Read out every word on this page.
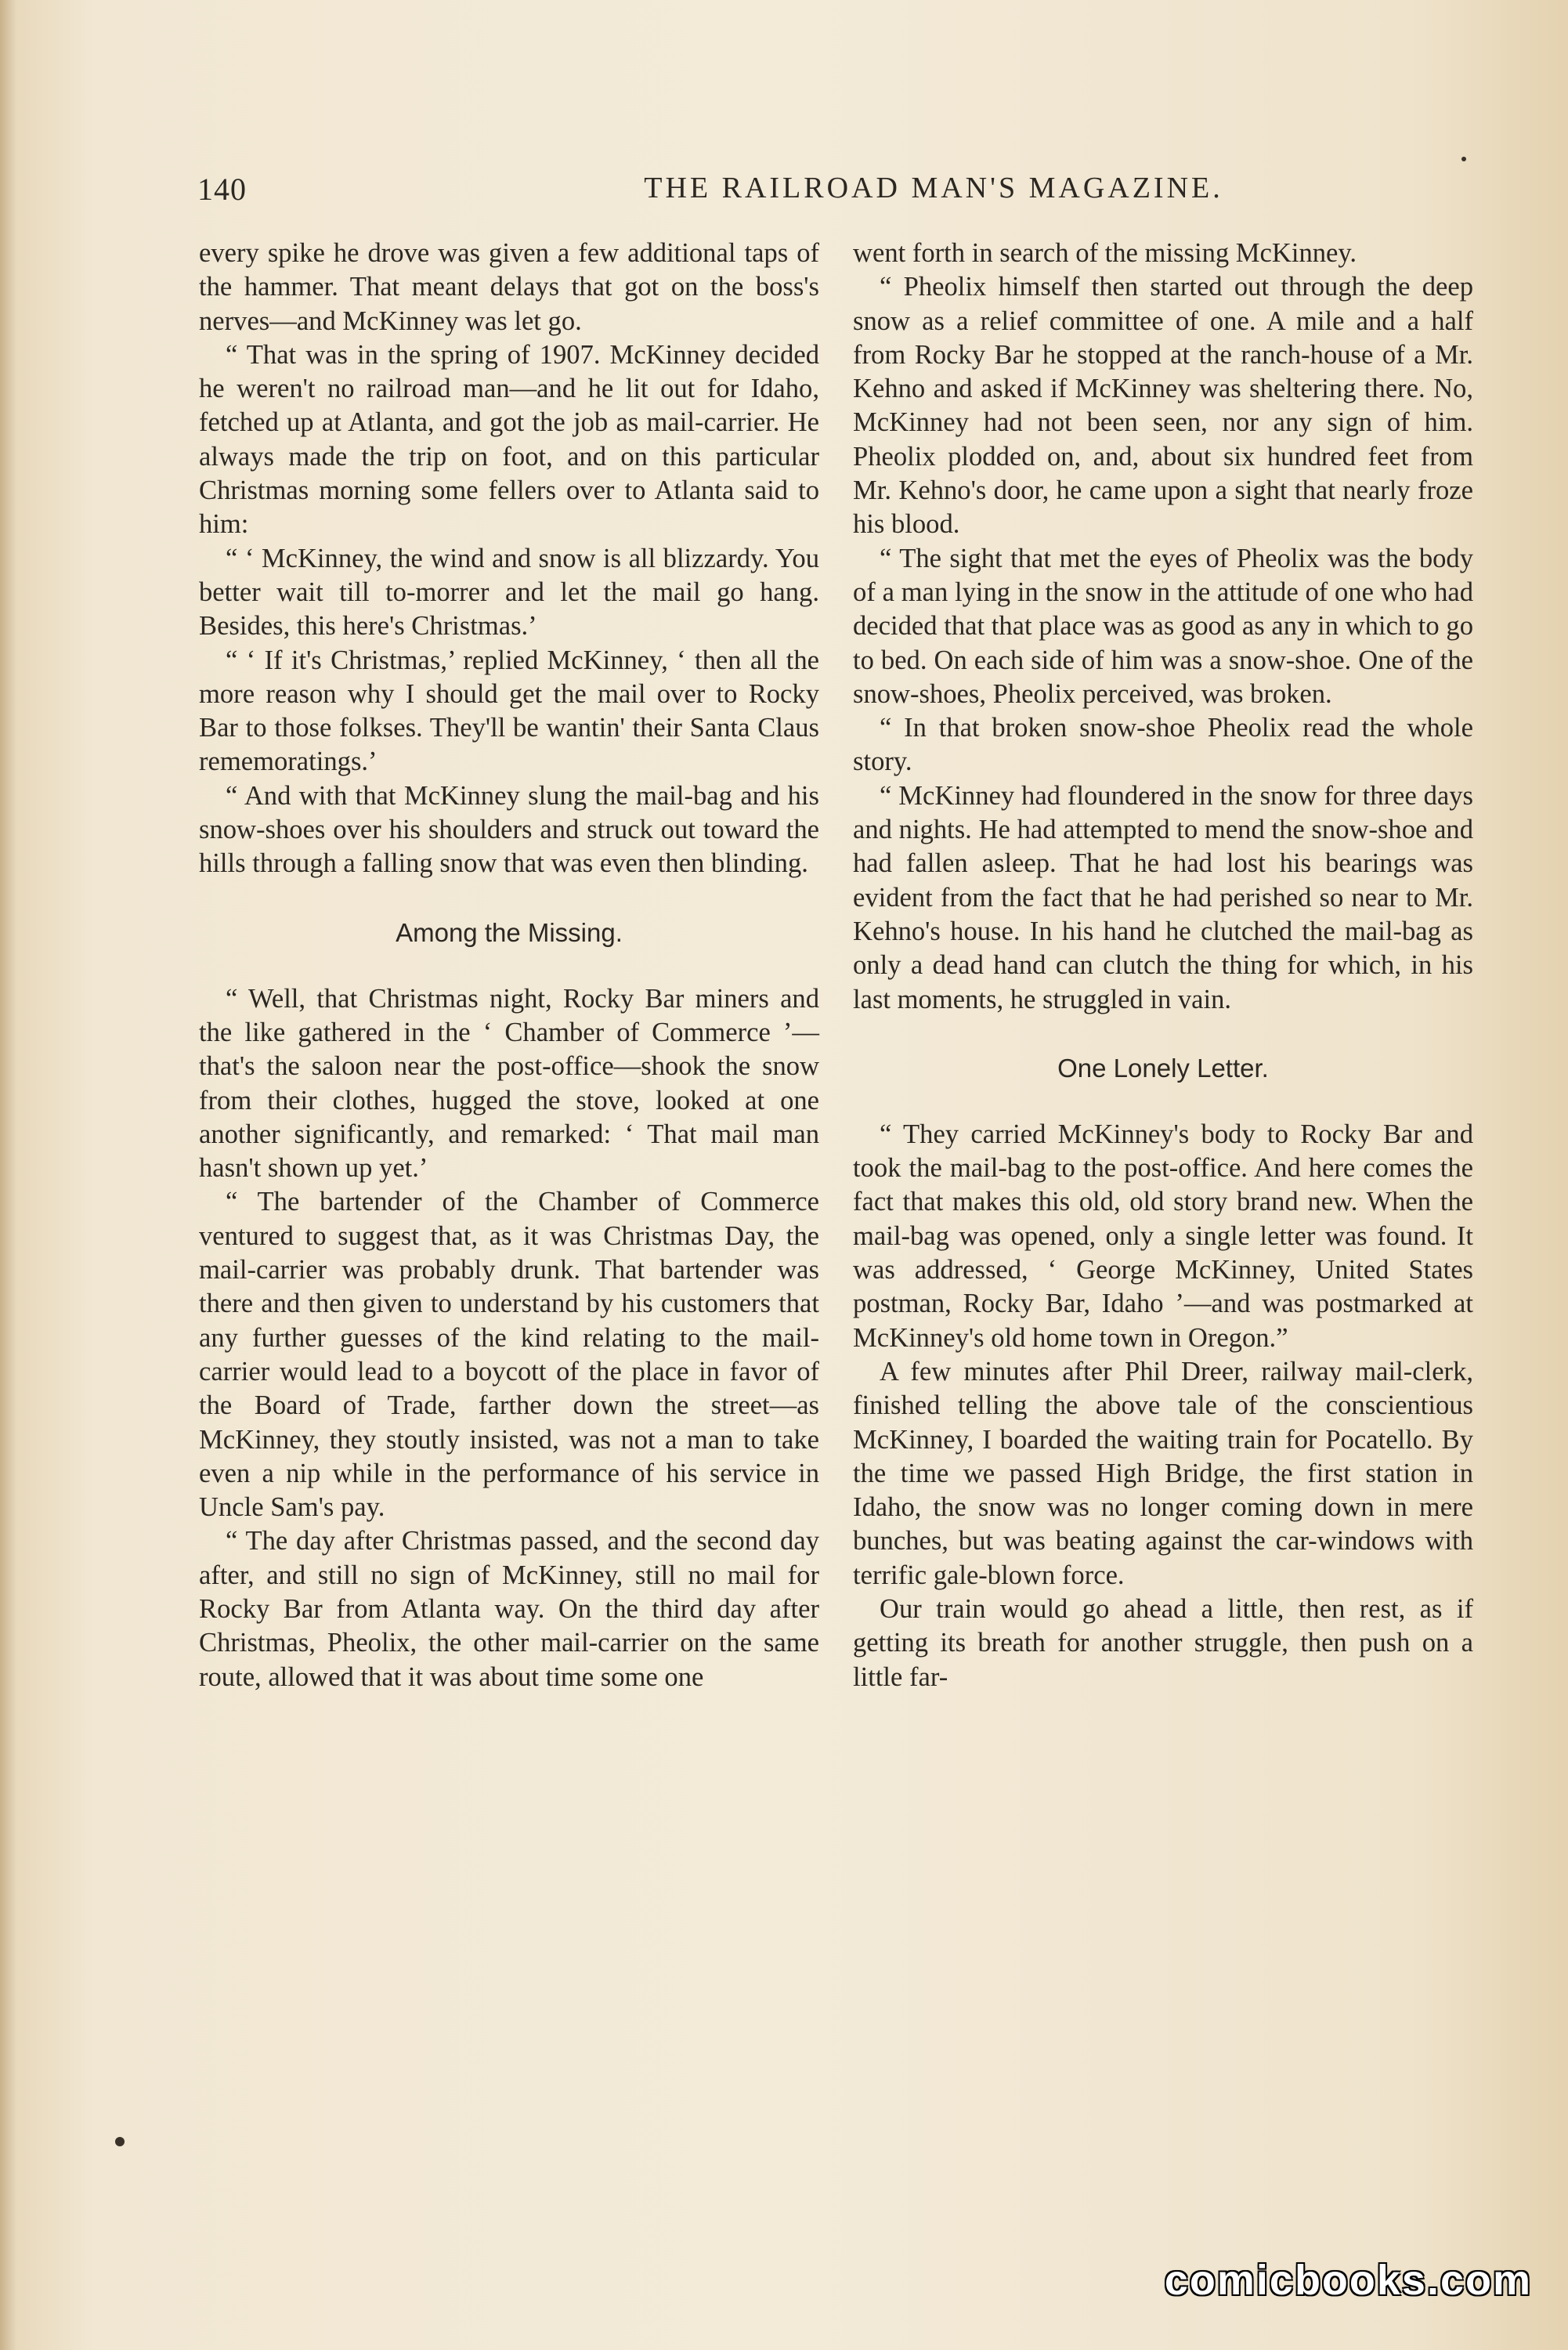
140	THE RAILROAD MAN'S MAGAZINE.

every spike he drove was given a few additional taps of the hammer. That meant delays that got on the boss's nerves—and McKinney was let go.

“ That was in the spring of 1907. McKinney decided he weren't no railroad man—and he lit out for Idaho, fetched up at Atlanta, and got the job as mail-carrier. He always made the trip on foot, and on this particular Christmas morning some fellers over to Atlanta said to him:

“ ‘ McKinney, the wind and snow is all blizzardy. You better wait till to-morrer and let the mail go hang. Besides, this here's Christmas.’

“ ‘ If it's Christmas,’ replied McKinney, ‘ then all the more reason why I should get the mail over to Rocky Bar to those folkses. They'll be wantin' their Santa Claus rememoratings.’

“ And with that McKinney slung the mail-bag and his snow-shoes over his shoulders and struck out toward the hills through a falling snow that was even then blinding.

Among the Missing.

“ Well, that Christmas night, Rocky Bar miners and the like gathered in the ‘ Chamber of Commerce ’—that's the saloon near the post-office—shook the snow from their clothes, hugged the stove, looked at one another significantly, and remarked: ‘ That mail man hasn't shown up yet.’

“ The bartender of the Chamber of Commerce ventured to suggest that, as it was Christmas Day, the mail-carrier was probably drunk. That bartender was there and then given to understand by his customers that any further guesses of the kind relating to the mail-carrier would lead to a boycott of the place in favor of the Board of Trade, farther down the street—as McKinney, they stoutly insisted, was not a man to take even a nip while in the performance of his service in Uncle Sam's pay.

“ The day after Christmas passed, and the second day after, and still no sign of McKinney, still no mail for Rocky Bar from Atlanta way. On the third day after Christmas, Pheolix, the other mail-carrier on the same route, allowed that it was about time some one

went forth in search of the missing McKinney.

“ Pheolix himself then started out through the deep snow as a relief committee of one. A mile and a half from Rocky Bar he stopped at the ranch-house of a Mr. Kehno and asked if McKinney was sheltering there. No, McKinney had not been seen, nor any sign of him. Pheolix plodded on, and, about six hundred feet from Mr. Kehno's door, he came upon a sight that nearly froze his blood.

“ The sight that met the eyes of Pheolix was the body of a man lying in the snow in the attitude of one who had decided that that place was as good as any in which to go to bed. On each side of him was a snow-shoe. One of the snow-shoes, Pheolix perceived, was broken.

“ In that broken snow-shoe Pheolix read the whole story.

“ McKinney had floundered in the snow for three days and nights. He had attempted to mend the snow-shoe and had fallen asleep. That he had lost his bearings was evident from the fact that he had perished so near to Mr. Kehno's house. In his hand he clutched the mail-bag as only a dead hand can clutch the thing for which, in his last moments, he struggled in vain.

One Lonely Letter.

“ They carried McKinney's body to Rocky Bar and took the mail-bag to the post-office. And here comes the fact that makes this old, old story brand new. When the mail-bag was opened, only a single letter was found. It was addressed, ‘ George McKinney, United States postman, Rocky Bar, Idaho ’—and was postmarked at McKinney's old home town in Oregon.”

A few minutes after Phil Dreer, railway mail-clerk, finished telling the above tale of the conscientious McKinney, I boarded the waiting train for Pocatello. By the time we passed High Bridge, the first station in Idaho, the snow was no longer coming down in mere bunches, but was beating against the car-windows with terrific gale-blown force.

Our train would go ahead a little, then rest, as if getting its breath for another struggle, then push on a little far-

comicbooks.com
